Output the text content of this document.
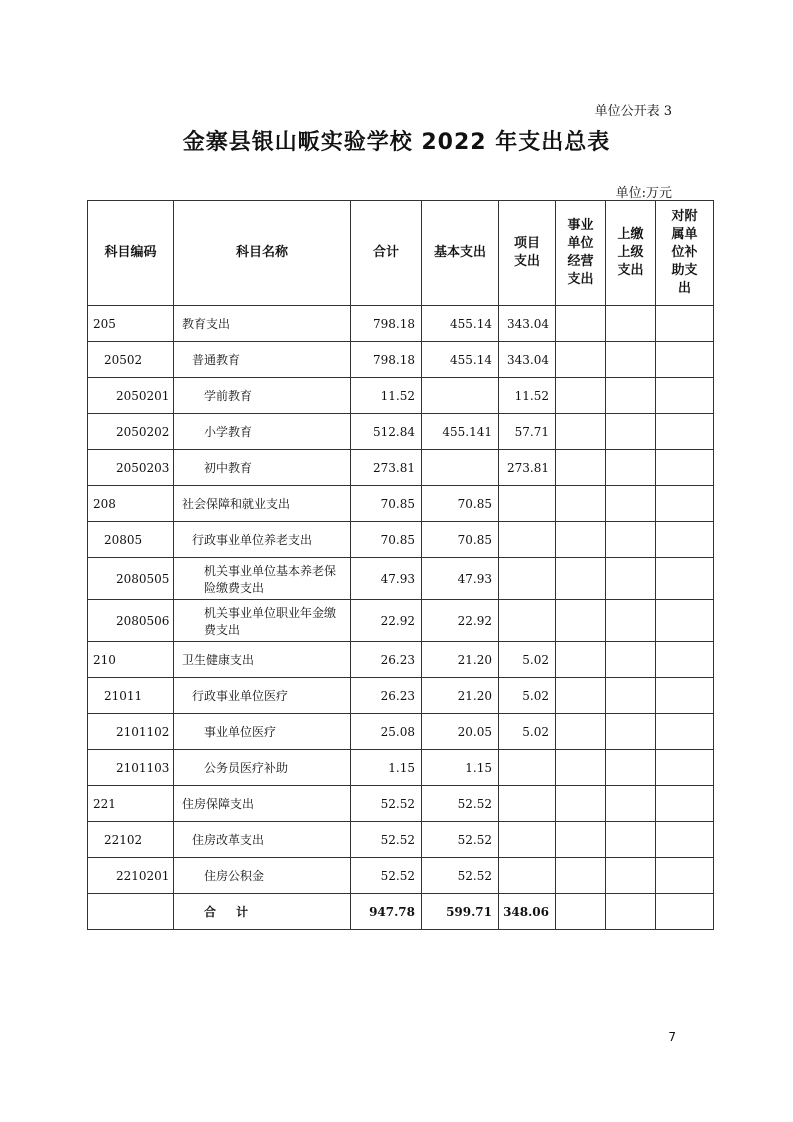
单位公开表 3
金寨县银山畈实验学校 2022 年支出总表
单位:万元
科目编码	科目名称	合计	基本支出	项目支出	事业单位经营支出	上缴上级支出	对附属单位补助支出
205	教育支出	798.18	455.14	343.04			
20502	普通教育	798.18	455.14	343.04			
2050201	学前教育	11.52		11.52			
2050202	小学教育	512.84	455.141	57.71			
2050203	初中教育	273.81		273.81			
208	社会保障和就业支出	70.85	70.85				
20805	行政事业单位养老支出	70.85	70.85				
2080505	机关事业单位基本养老保险缴费支出	47.93	47.93				
2080506	机关事业单位职业年金缴费支出	22.92	22.92				
210	卫生健康支出	26.23	21.20	5.02			
21011	行政事业单位医疗	26.23	21.20	5.02			
2101102	事业单位医疗	25.08	20.05	5.02			
2101103	公务员医疗补助	1.15	1.15				
221	住房保障支出	52.52	52.52				
22102	住房改革支出	52.52	52.52				
2210201	住房公积金	52.52	52.52				
	合 计	947.78	599.71	348.06			
7
